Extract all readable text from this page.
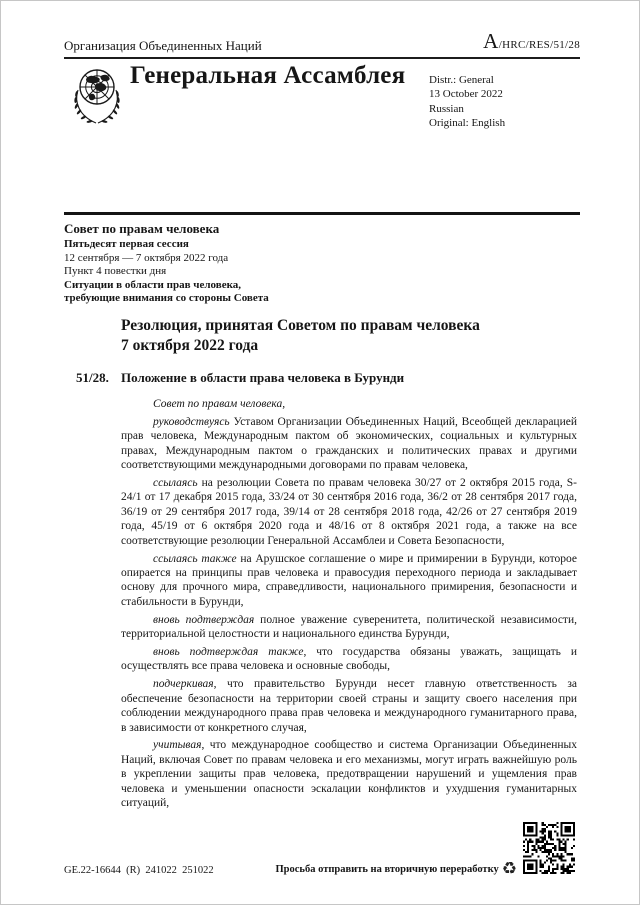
Организация Объединенных Наций	A/HRC/RES/51/28
Генеральная Ассамблея Distr.: General
13 October 2022
Russian
Original: English
Совет по правам человека
Пятьдесят первая сессия
12 сентября — 7 октября 2022 года
Пункт 4 повестки дня
Ситуации в области прав человека,
требующие внимания со стороны Совета
Резолюция, принятая Советом по правам человека
7 октября 2022 года
51/28. Положение в области права человека в Бурунди

Совет по правам человека,

руководствуясь Уставом Организации Объединенных Наций, Всеобщей декларацией прав человека, Международным пактом об экономических, социальных и культурных правах, Международным пактом о гражданских и политических правах и другими соответствующими международными договорами по правам человека,

ссылаясь на резолюции Совета по правам человека 30/27 от 2 октября 2015 года, S-24/1 от 17 декабря 2015 года, 33/24 от 30 сентября 2016 года, 36/2 от 28 сентября 2017 года, 36/19 от 29 сентября 2017 года, 39/14 от 28 сентября 2018 года, 42/26 от 27 сентября 2019 года, 45/19 от 6 октября 2020 года и 48/16 от 8 октября 2021 года, а также на все соответствующие резолюции Генеральной Ассамблеи и Совета Безопасности,

ссылаясь также на Арушское соглашение о мире и примирении в Бурунди, которое опирается на принципы прав человека и правосудия переходного периода и закладывает основу для прочного мира, справедливости, национального примирения, безопасности и стабильности в Бурунди,

вновь подтверждая полное уважение суверенитета, политической независимости, территориальной целостности и национального единства Бурунди,

вновь подтверждая также, что государства обязаны уважать, защищать и осуществлять все права человека и основные свободы,

подчеркивая, что правительство Бурунди несет главную ответственность за обеспечение безопасности на территории своей страны и защиту своего населения при соблюдении международного права прав человека и международного гуманитарного права, в зависимости от конкретного случая,

учитывая, что международное сообщество и система Организации Объединенных Наций, включая Совет по правам человека и его механизмы, могут играть важнейшую роль в укреплении защиты прав человека, предотвращении нарушений и ущемления прав человека и уменьшении опасности эскалации конфликтов и ухудшения гуманитарных ситуаций,

GE.22-16644  (R)  241022  251022	Просьба отправить на вторичную переработку ♻
